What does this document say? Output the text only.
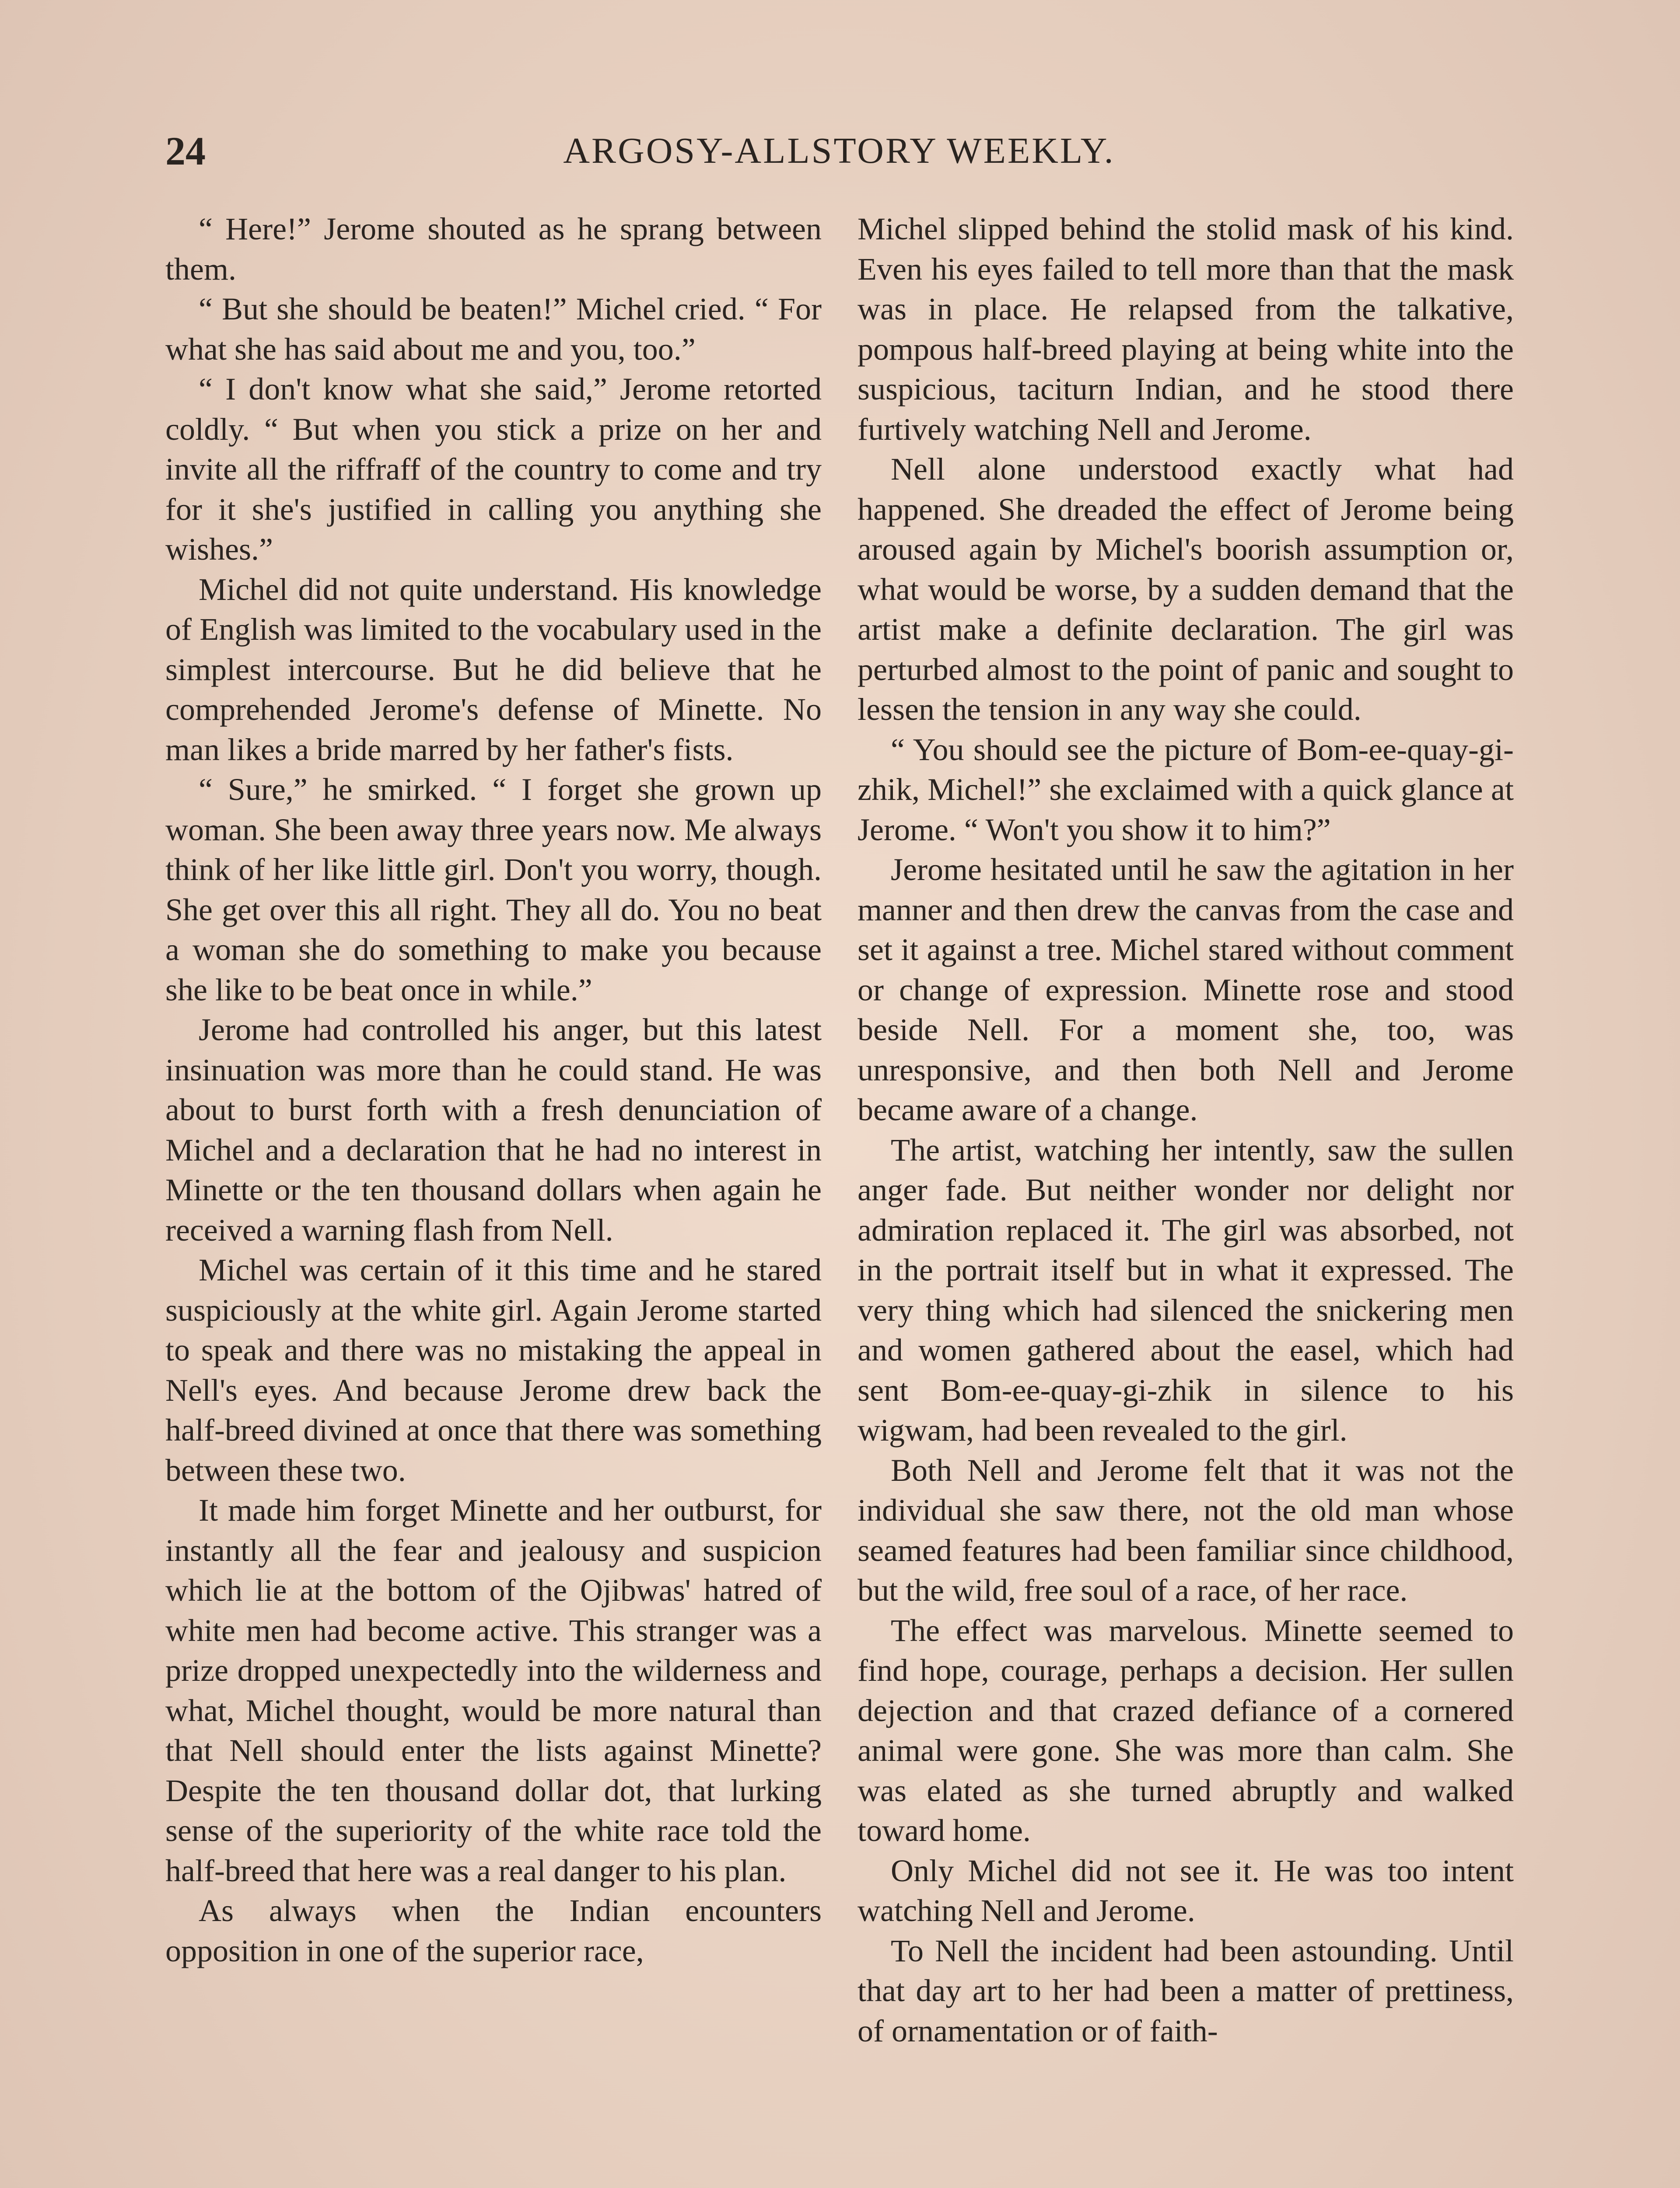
24	ARGOSY-ALLSTORY WEEKLY.

“ Here!” Jerome shouted as he sprang between them.

“ But she should be beaten!” Michel cried. “ For what she has said about me and you, too.”

“ I don't know what she said,” Jerome retorted coldly. “ But when you stick a prize on her and invite all the riffraff of the country to come and try for it she's justified in calling you anything she wishes.”

Michel did not quite understand. His knowledge of English was limited to the vocabulary used in the simplest intercourse. But he did believe that he comprehended Jerome's defense of Minette. No man likes a bride marred by her father's fists.

“ Sure,” he smirked. “ I forget she grown up woman. She been away three years now. Me always think of her like little girl. Don't you worry, though. She get over this all right. They all do. You no beat a woman she do something to make you because she like to be beat once in while.”

Jerome had controlled his anger, but this latest insinuation was more than he could stand. He was about to burst forth with a fresh denunciation of Michel and a declaration that he had no interest in Minette or the ten thousand dollars when again he received a warning flash from Nell.

Michel was certain of it this time and he stared suspiciously at the white girl. Again Jerome started to speak and there was no mistaking the appeal in Nell's eyes. And because Jerome drew back the half-breed divined at once that there was something between these two.

It made him forget Minette and her outburst, for instantly all the fear and jealousy and suspicion which lie at the bottom of the Ojibwas' hatred of white men had become active. This stranger was a prize dropped unexpectedly into the wilderness and what, Michel thought, would be more natural than that Nell should enter the lists against Minette? Despite the ten thousand dollar dot, that lurking sense of the superiority of the white race told the half-breed that here was a real danger to his plan.

As always when the Indian encounters opposition in one of the superior race,

Michel slipped behind the stolid mask of his kind. Even his eyes failed to tell more than that the mask was in place. He relapsed from the talkative, pompous half-breed playing at being white into the suspicious, taciturn Indian, and he stood there furtively watching Nell and Jerome.

Nell alone understood exactly what had happened. She dreaded the effect of Jerome being aroused again by Michel's boorish assumption or, what would be worse, by a sudden demand that the artist make a definite declaration. The girl was perturbed almost to the point of panic and sought to lessen the tension in any way she could.

“ You should see the picture of Bom-ee-quay-gi-zhik, Michel!” she exclaimed with a quick glance at Jerome. “ Won't you show it to him?”

Jerome hesitated until he saw the agitation in her manner and then drew the canvas from the case and set it against a tree. Michel stared without comment or change of expression. Minette rose and stood beside Nell. For a moment she, too, was unresponsive, and then both Nell and Jerome became aware of a change.

The artist, watching her intently, saw the sullen anger fade. But neither wonder nor delight nor admiration replaced it. The girl was absorbed, not in the portrait itself but in what it expressed. The very thing which had silenced the snickering men and women gathered about the easel, which had sent Bom-ee-quay-gi-zhik in silence to his wigwam, had been revealed to the girl.

Both Nell and Jerome felt that it was not the individual she saw there, not the old man whose seamed features had been familiar since childhood, but the wild, free soul of a race, of her race.

The effect was marvelous. Minette seemed to find hope, courage, perhaps a decision. Her sullen dejection and that crazed defiance of a cornered animal were gone. She was more than calm. She was elated as she turned abruptly and walked toward home.

Only Michel did not see it. He was too intent watching Nell and Jerome.

To Nell the incident had been astounding. Until that day art to her had been a matter of prettiness, of ornamentation or of faith-
